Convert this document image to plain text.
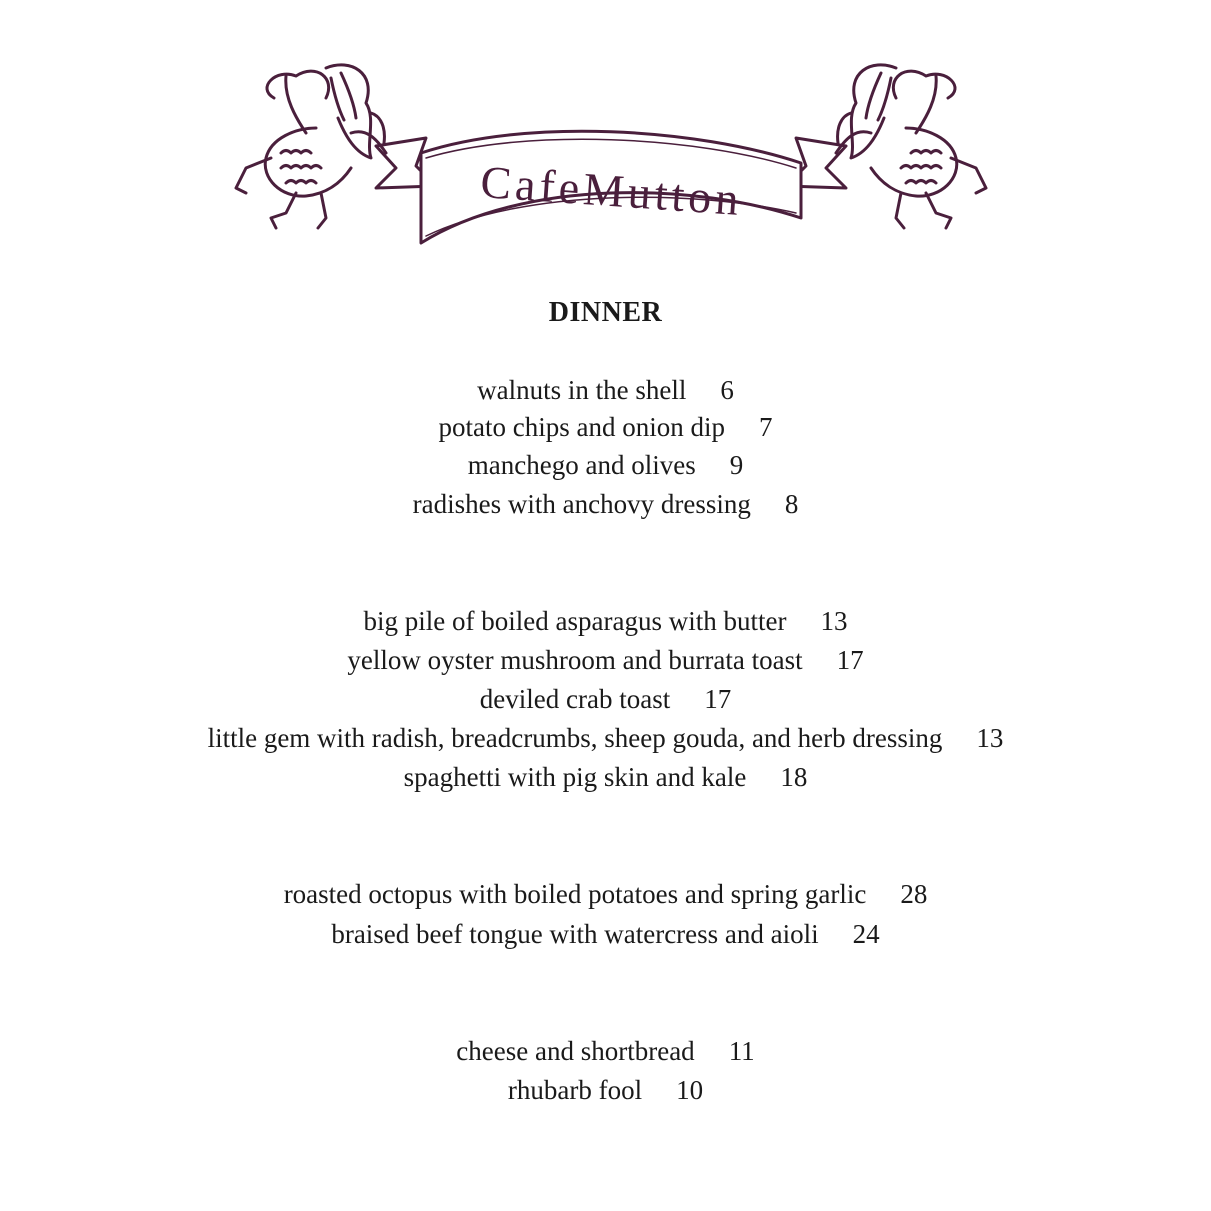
CafeMutton
DINNER
walnuts in the shell 6
potato chips and onion dip 7
manchego and olives 9
radishes with anchovy dressing 8
big pile of boiled asparagus with butter 13
yellow oyster mushroom and burrata toast 17
deviled crab toast 17
little gem with radish, breadcrumbs, sheep gouda, and herb dressing 13
spaghetti with pig skin and kale 18
roasted octopus with boiled potatoes and spring garlic 28
braised beef tongue with watercress and aioli 24
cheese and shortbread 11
rhubarb fool 10
